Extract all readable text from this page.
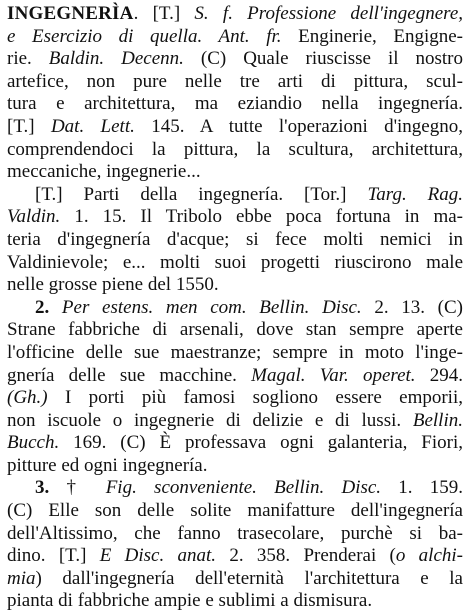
INGEGNERÌA. [T.] S. f. Professione dell'ingegnere,
e Esercizio di quella. Ant. fr. Enginerie, Engigne-
rie. Baldin. Decenn. (C) Quale riuscisse il nostro
artefice, non pure nelle tre arti di pittura, scul-
tura e architettura, ma eziandio nella ingegnería.
[T.] Dat. Lett. 145. A tutte l'operazioni d'ingegno,
comprendendoci la pittura, la scultura, architettura,
meccaniche, ingegnerie...
[T.] Parti della ingegnería. [Tor.] Targ. Rag.
Valdin. 1. 15. Il Tribolo ebbe poca fortuna in ma-
teria d'ingegnería d'acque; si fece molti nemici in
Valdinievole; e... molti suoi progetti riuscirono male
nelle grosse piene del 1550.
2. Per estens. men com. Bellin. Disc. 2. 13. (C)
Strane fabbriche di arsenali, dove stan sempre aperte
l'officine delle sue maestranze; sempre in moto l'inge-
gnería delle sue macchine. Magal. Var. operet. 294.
(Gh.) I porti più famosi sogliono essere emporii,
non iscuole o ingegnerie di delizie e di lussi. Bellin.
Bucch. 169. (C) È professava ogni galanteria, Fiori,
pitture ed ogni ingegnería.
3. † Fig. sconveniente. Bellin. Disc. 1. 159.
(C) Elle son delle solite manifatture dell'ingegnería
dell'Altissimo, che fanno trasecolare, purchè si ba-
dino. [T.] E Disc. anat. 2. 358. Prenderai (o alchi-
mia) dall'ingegnería dell'eternità l'architettura e la
pianta di fabbriche ampie e sublimi a dismisura.
